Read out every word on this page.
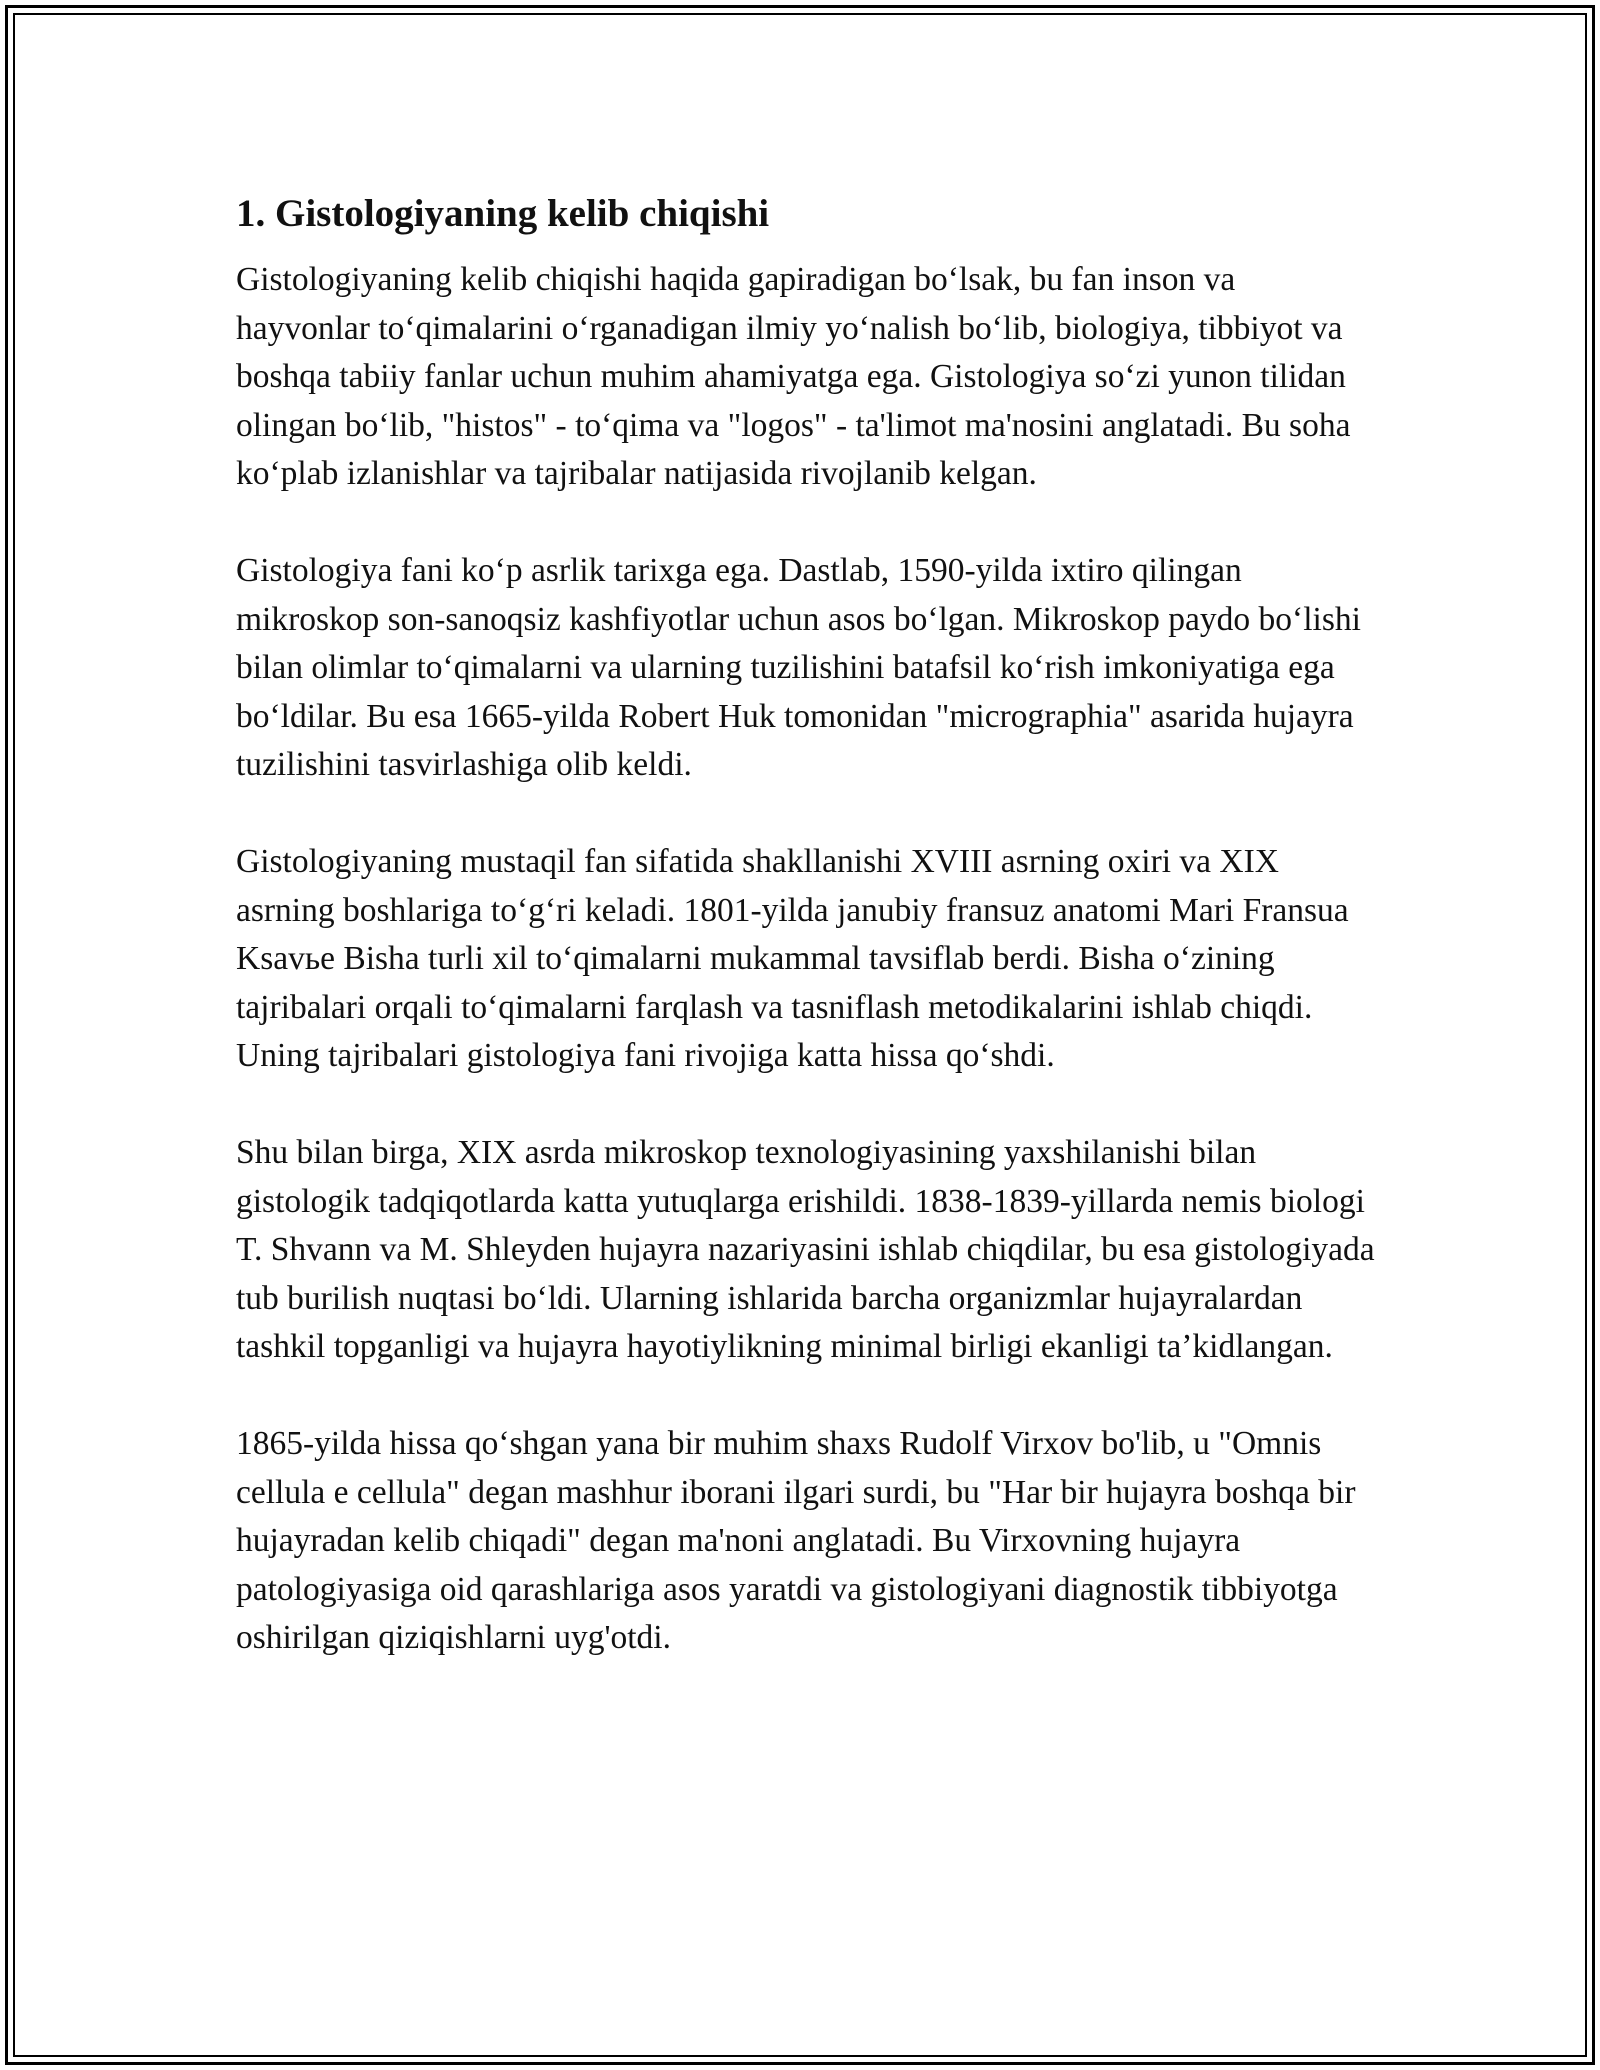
1. Gistologiyaning kelib chiqishi

Gistologiyaning kelib chiqishi haqida gapiradigan bo‘lsak, bu fan inson va hayvonlar to‘qimalarini o‘rganadigan ilmiy yo‘nalish bo‘lib, biologiya, tibbiyot va boshqa tabiiy fanlar uchun muhim ahamiyatga ega. Gistologiya so‘zi yunon tilidan olingan bo‘lib, "histos" - to‘qima va "logos" - ta'limot ma'nosini anglatadi. Bu soha ko‘plab izlanishlar va tajribalar natijasida rivojlanib kelgan.

Gistologiya fani ko‘p asrlik tarixga ega. Dastlab, 1590-yilda ixtiro qilingan mikroskop son-sanoqsiz kashfiyotlar uchun asos bo‘lgan. Mikroskop paydo bo‘lishi bilan olimlar to‘qimalarni va ularning tuzilishini batafsil ko‘rish imkoniyatiga ega bo‘ldilar. Bu esa 1665-yilda Robert Huk tomonidan "micrographia" asarida hujayra tuzilishini tasvirlashiga olib keldi.

Gistologiyaning mustaqil fan sifatida shakllanishi XVIII asrning oxiri va XIX asrning boshlariga to‘g‘ri keladi. 1801-yilda janubiy fransuz anatomi Mari Fransua Ksavье Bisha turli xil to‘qimalarni mukammal tavsiflab berdi. Bisha o‘zining tajribalari orqali to‘qimalarni farqlash va tasniflash metodikalarini ishlab chiqdi. Uning tajribalari gistologiya fani rivojiga katta hissa qo‘shdi.

Shu bilan birga, XIX asrda mikroskop texnologiyasining yaxshilanishi bilan gistologik tadqiqotlarda katta yutuqlarga erishildi. 1838-1839-yillarda nemis biologi T. Shvann va M. Shleyden hujayra nazariyasini ishlab chiqdilar, bu esa gistologiyada tub burilish nuqtasi bo‘ldi. Ularning ishlarida barcha organizmlar hujayralardan tashkil topganligi va hujayra hayotiylikning minimal birligi ekanligi ta’kidlangan.

1865-yilda hissa qo‘shgan yana bir muhim shaxs Rudolf Virxov bo'lib, u "Omnis cellula e cellula" degan mashhur iborani ilgari surdi, bu "Har bir hujayra boshqa bir hujayradan kelib chiqadi" degan ma'noni anglatadi. Bu Virxovning hujayra patologiyasiga oid qarashlariga asos yaratdi va gistologiyani diagnostik tibbiyotga oshirilgan qiziqishlarni uyg'otdi.
